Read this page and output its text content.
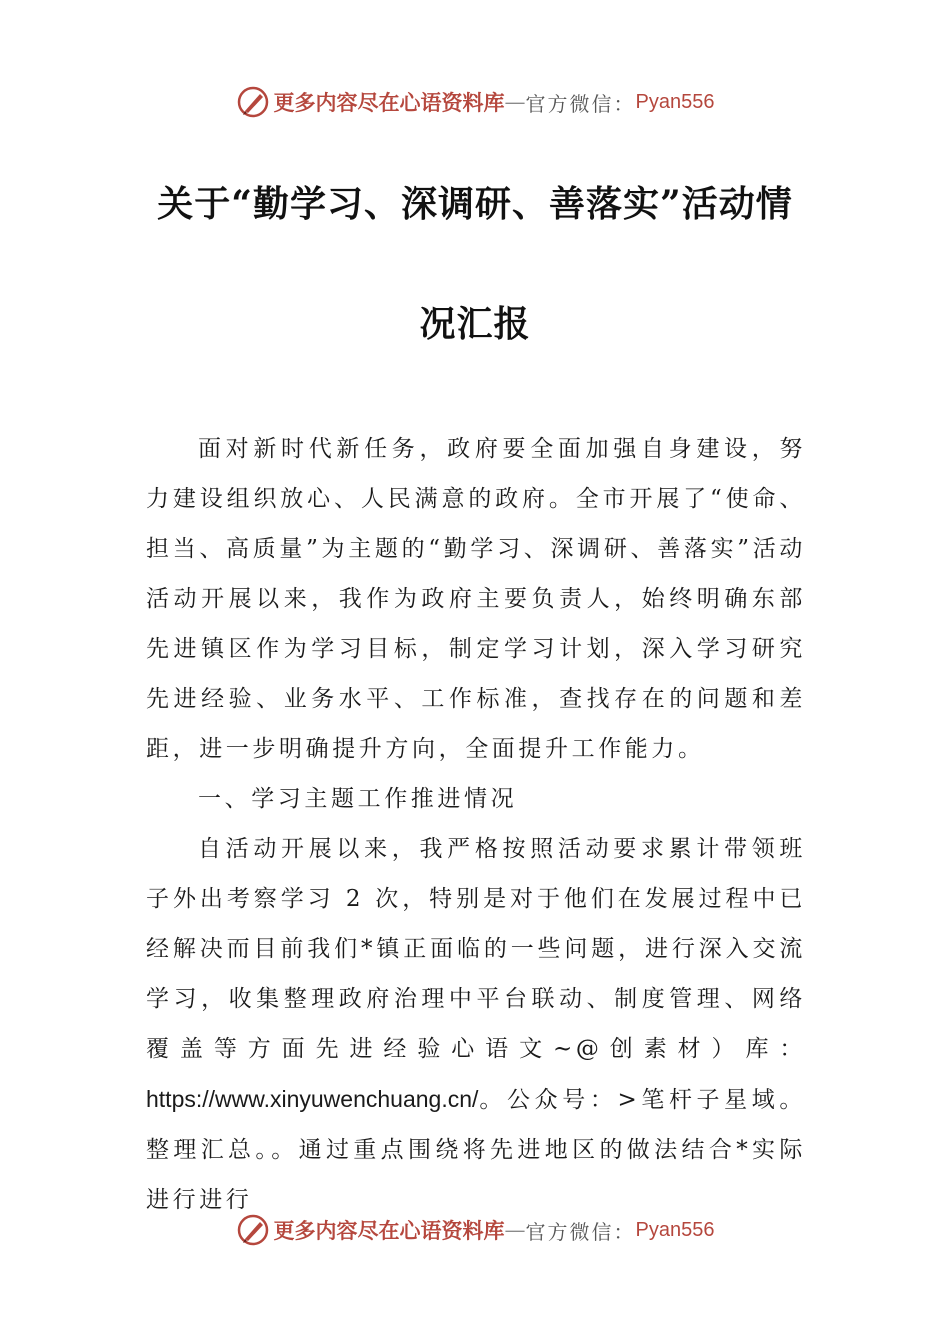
更多内容尽在心语资料库 — 官方微信： Pyan556
关于“勤学习、深调研、善落实”活动情
况汇报

面对新时代新任务，政府要全面加强自身建设，努力建设组织放心、人民满意的政府。全市开展了“使命、担当、高质量”为主题的“勤学习、深调研、善落实”活动活动开展以来，我作为政府主要负责人，始终明确东部先进镇区作为学习目标，制定学习计划，深入学习研究先进经验、业务水平、工作标准，查找存在的问题和差距，进一步明确提升方向，全面提升工作能力。

一、学习主题工作推进情况

自活动开展以来，我严格按照活动要求累计带领班子外出考察学习 2 次，特别是对于他们在发展过程中已经解决而目前我们*镇正面临的一些问题，进行深入交流学习，收集整理政府治理中平台联动、制度管理、网络覆盖等方面先进经验心语文~@创素材）库：https://www.xinyuwenchuang.cn/。公众号：>笔杆子星域。整理汇总。。通过重点围绕将先进地区的做法结合*实际进行进行

更多内容尽在心语资料库 — 官方微信： Pyan556
